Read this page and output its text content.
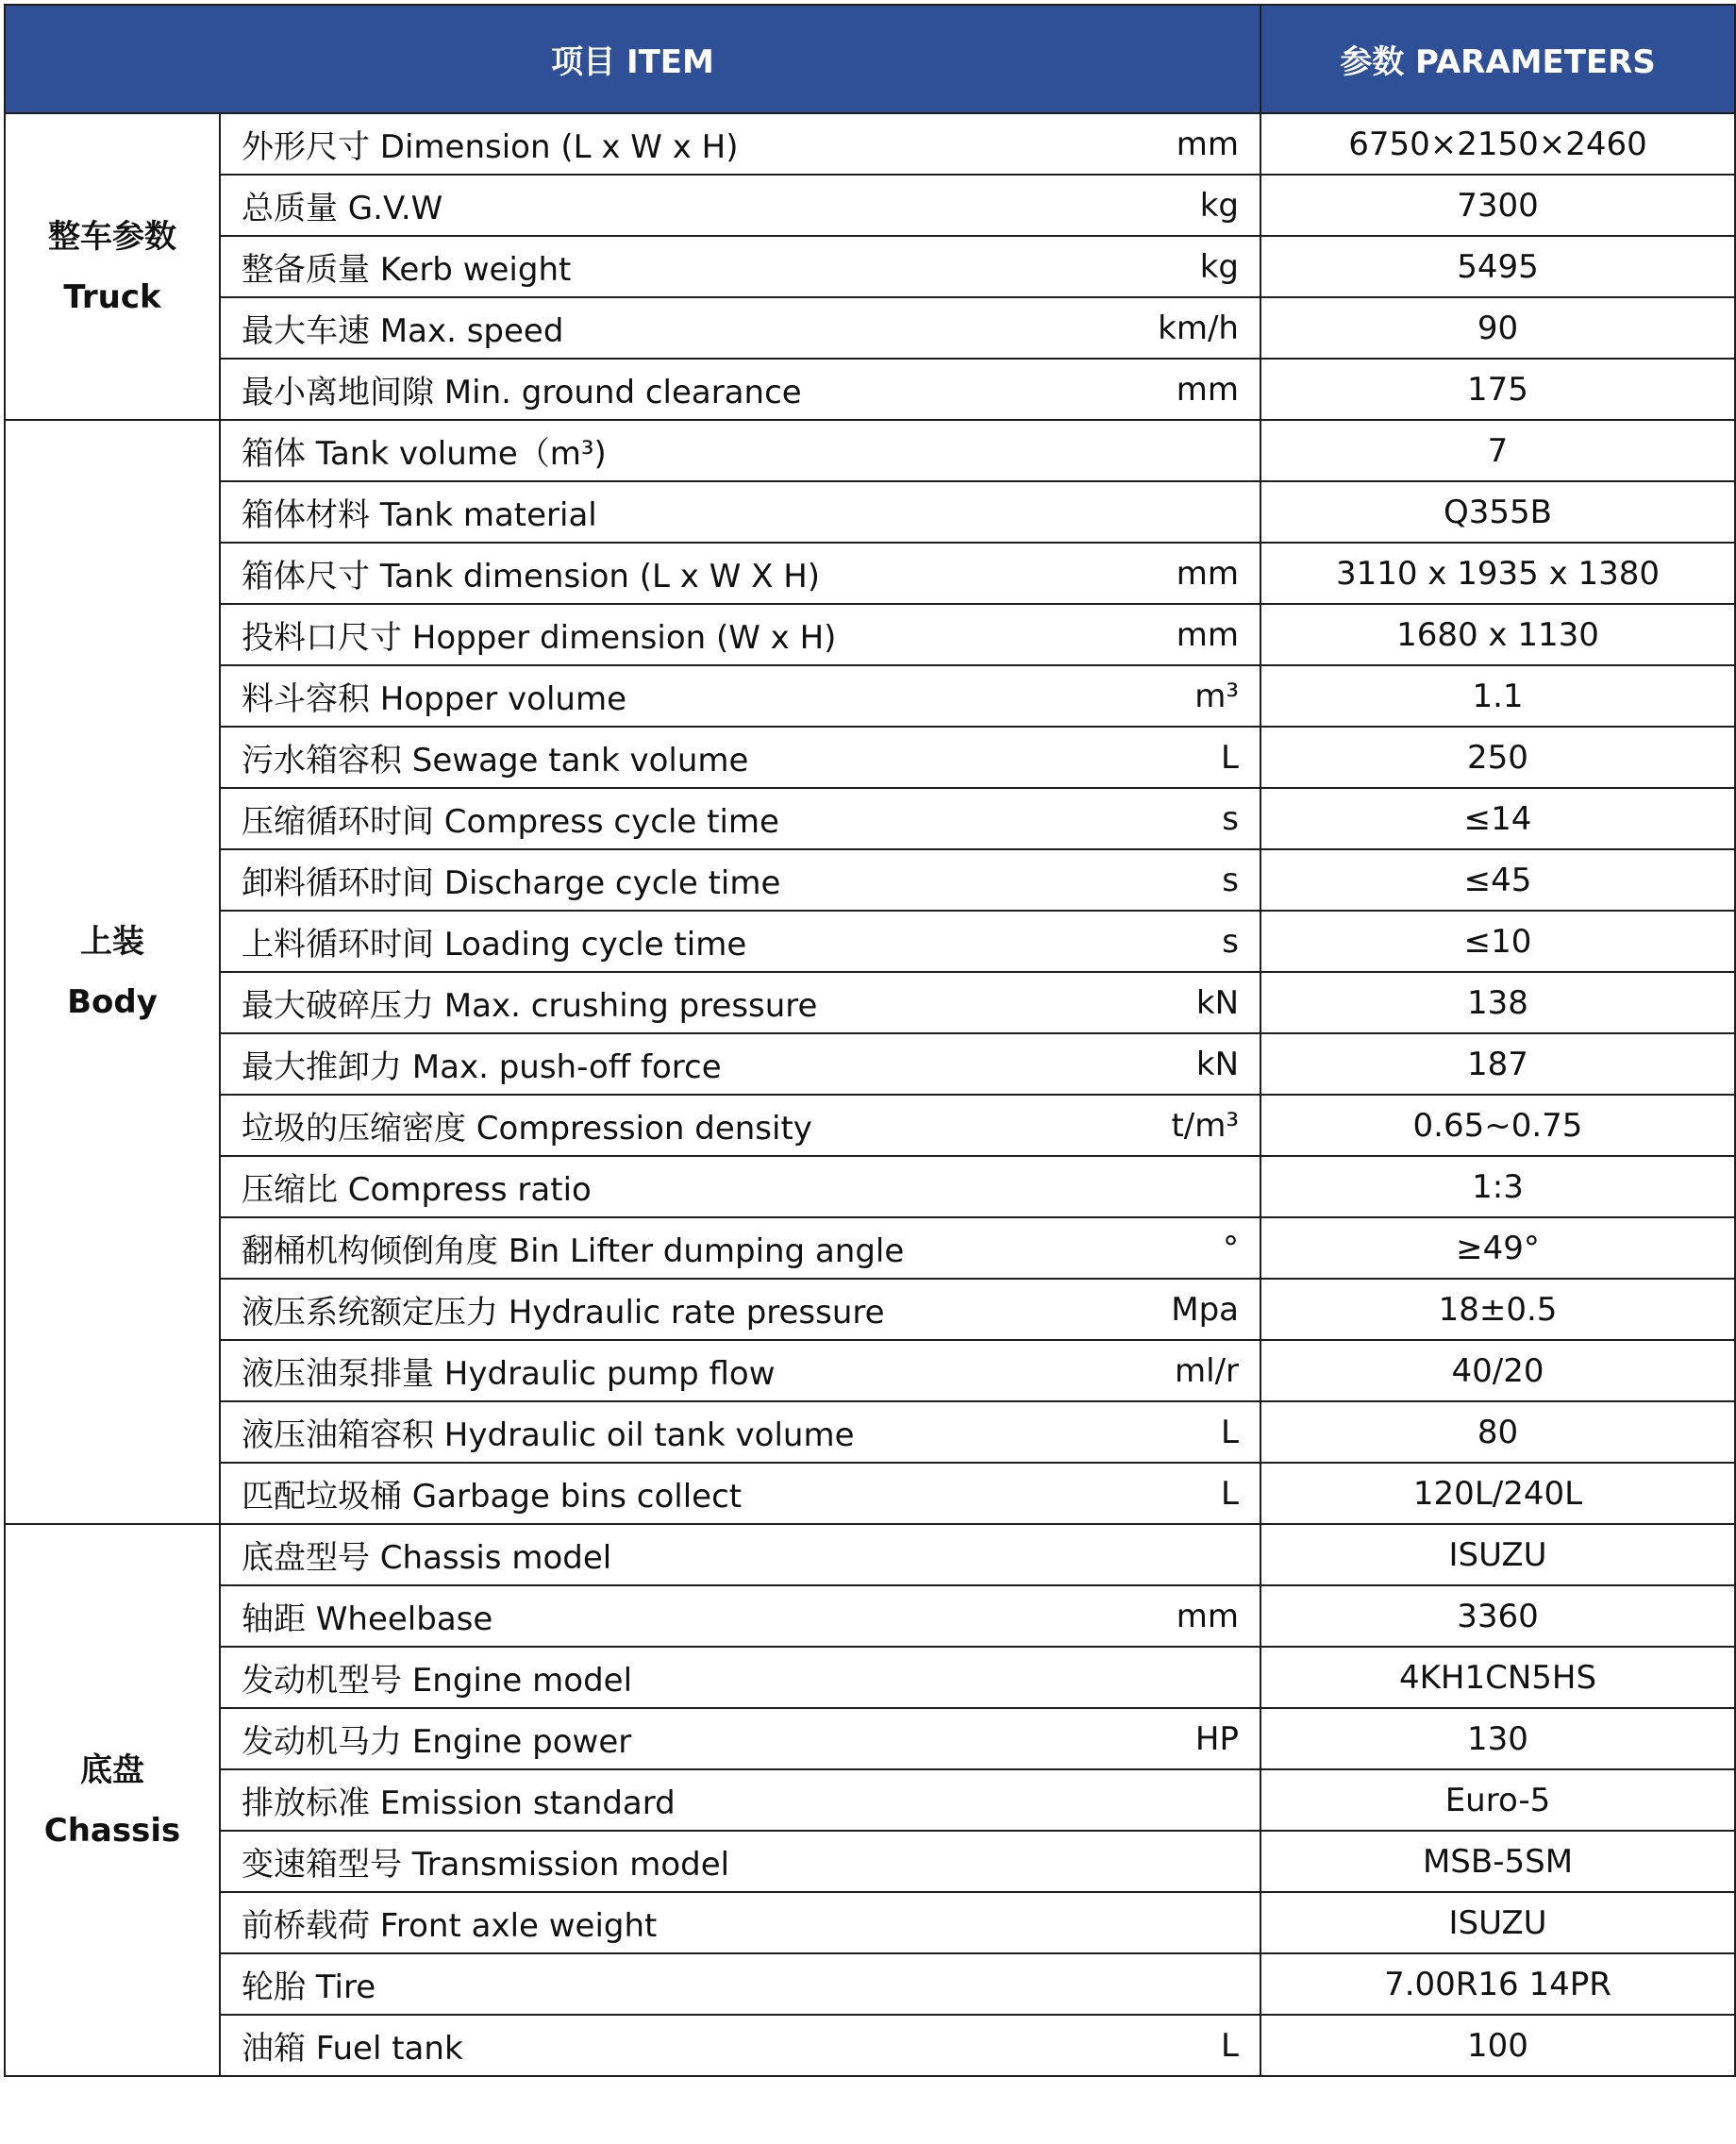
项目 ITEM		参数 PARAMETERS

整车参数
Truck	外形尺寸 Dimension (L x W x H) mm	6750×2150×2460

	总质量 G.V.W kg	7300

	整备质量 Kerb weight kg	5495

	最大车速 Max. speed km/h	90

	最小离地间隙 Min. ground clearance mm	175

上装
Body	箱体 Tank volume（m³)	7

	箱体材料 Tank material	Q355B

	箱体尺寸 Tank dimension (L x W X H) mm	3110 x 1935 x 1380

	投料口尺寸 Hopper dimension (W x H) mm	1680 x 1130

	料斗容积 Hopper volume m³	1.1

	污水箱容积 Sewage tank volume L	250

	压缩循环时间 Compress cycle time s	≤14

	卸料循环时间 Discharge cycle time s	≤45

	上料循环时间 Loading cycle time s	≤10

	最大破碎压力 Max. crushing pressure kN	138

	最大推卸力 Max. push-off force kN	187

	垃圾的压缩密度 Compression density t/m³	0.65~0.75

	压缩比 Compress ratio	1:3

	翻桶机构倾倒角度 Bin Lifter dumping angle °	≥49°

	液压系统额定压力 Hydraulic rate pressure Mpa	18±0.5

	液压油泵排量 Hydraulic pump flow ml/r	40/20

	液压油箱容积 Hydraulic oil tank volume L	80

	匹配垃圾桶 Garbage bins collect L	120L/240L

底盘
Chassis	底盘型号 Chassis model	ISUZU

	轴距 Wheelbase mm	3360

	发动机型号 Engine model	4KH1CN5HS

	发动机马力 Engine power HP	130

	排放标准 Emission standard	Euro-5

	变速箱型号 Transmission model	MSB-5SM

	前桥载荷 Front axle weight	ISUZU

	轮胎 Tire	7.00R16 14PR

	油箱 Fuel tank L	100
